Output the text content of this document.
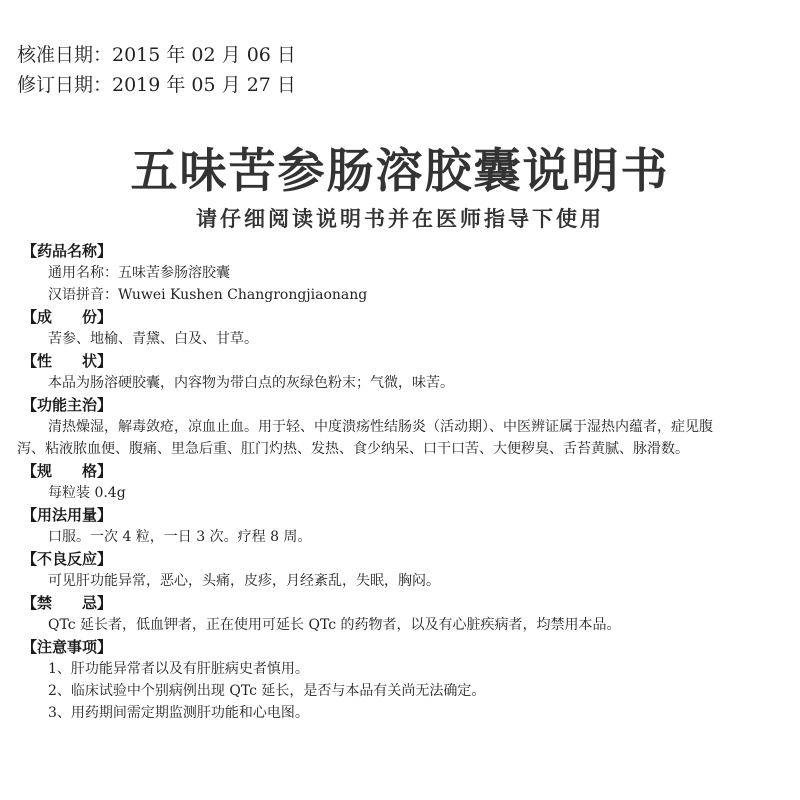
核准日期：2015 年 02 月 06 日
修订日期：2019 年 05 月 27 日
五味苦参肠溶胶囊说明书
请仔细阅读说明书并在医师指导下使用
【药品名称】
通用名称：五味苦参肠溶胶囊
汉语拼音：Wuwei Kushen Changrongjiaonang
【成　　份】
苦参、地榆、青黛、白及、甘草。
【性　　状】
本品为肠溶硬胶囊，内容物为带白点的灰绿色粉末；气微，味苦。
【功能主治】
清热燥湿，解毒敛疮，凉血止血。用于轻、中度溃疡性结肠炎（活动期）、中医辨证属于湿热内蕴者，症见腹
泻、粘液脓血便、腹痛、里急后重、肛门灼热、发热、食少纳呆、口干口苦、大便秽臭、舌苔黄腻、脉滑数。
【规　　格】
每粒装 0.4g
【用法用量】
口服。一次 4 粒，一日 3 次。疗程 8 周。
【不良反应】
可见肝功能异常，恶心，头痛，皮疹，月经紊乱，失眠，胸闷。
【禁　　忌】
QTc 延长者，低血钾者，正在使用可延长 QTc 的药物者，以及有心脏疾病者，均禁用本品。
【注意事项】
1、肝功能异常者以及有肝脏病史者慎用。
2、临床试验中个别病例出现 QTc 延长，是否与本品有关尚无法确定。
3、用药期间需定期监测肝功能和心电图。
